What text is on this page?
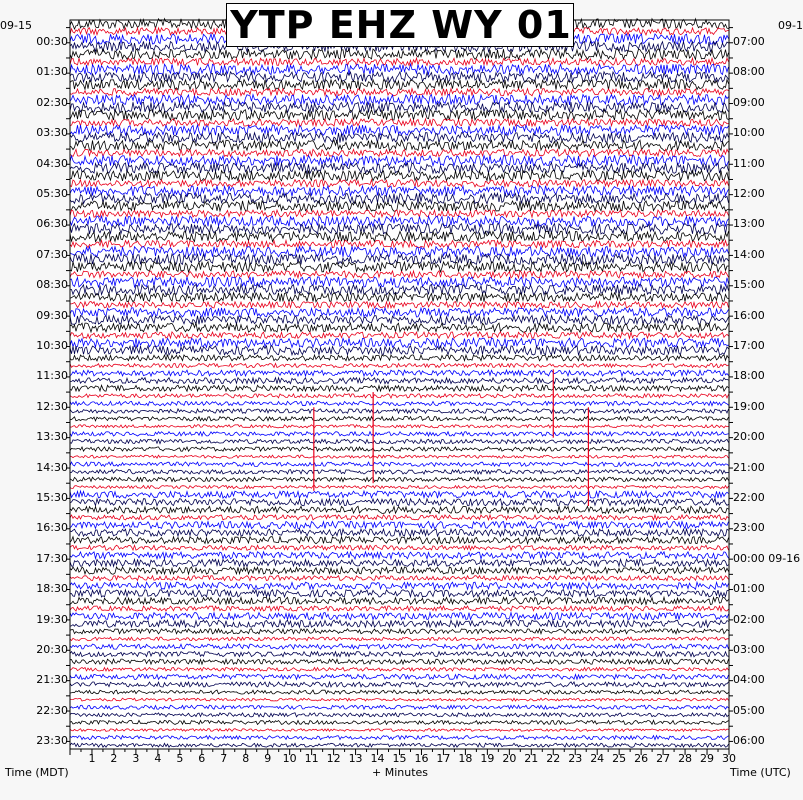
YTP EHZ WY 01
09-15	09-1
00:30
01:30
02:30
03:30
04:30
05:30
06:30
07:30
08:30
09:30
10:30
11:30
12:30
13:30
14:30
15:30
16:30
17:30
18:30
19:30
20:30
21:30
22:30
23:30
07:00
08:00
09:00
10:00
11:00
12:00
13:00
14:00
15:00
16:00
17:00
18:00
19:00
20:00
21:00
22:00
23:00
00:00 09-16
01:00
02:00
03:00
04:00
05:00
06:00
1	2	3	4	5	6	7	8	9	10 11 12 13 14 15 16 17 18 19 20 21 22 23 24 25 26 27 28 29 30
Time (MDT)	+ Minutes	Time (UTC)
